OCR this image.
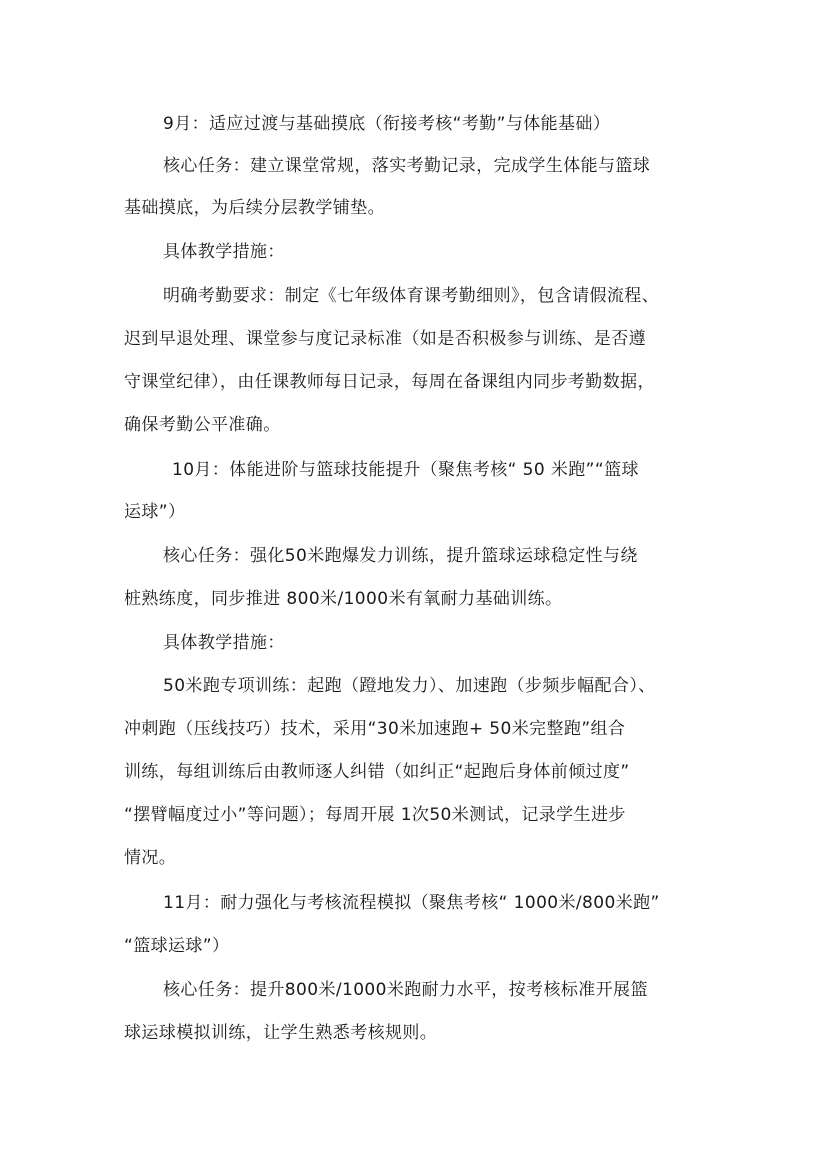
9月：适应过渡与基础摸底（衔接考核“考勤”与体能基础）
核心任务：建立课堂常规，落实考勤记录，完成学生体能与篮球
基础摸底，为后续分层教学铺垫。
具体教学措施：
明确考勤要求：制定《七年级体育课考勤细则》，包含请假流程、
迟到早退处理、课堂参与度记录标准（如是否积极参与训练、是否遵
守课堂纪律），由任课教师每日记录，每周在备课组内同步考勤数据，
确保考勤公平准确。
10月：体能进阶与篮球技能提升（聚焦考核“ 50 米跑”“篮球
运球”）
核心任务：强化50米跑爆发力训练，提升篮球运球稳定性与绕
桩熟练度，同步推进 800米/1000米有氧耐力基础训练。
具体教学措施：
50米跑专项训练：起跑（蹬地发力）、加速跑（步频步幅配合）、
冲刺跑（压线技巧）技术，采用“30米加速跑+ 50米完整跑”组合
训练，每组训练后由教师逐人纠错（如纠正“起跑后身体前倾过度”
“摆臂幅度过小”等问题）；每周开展 1次50米测试，记录学生进步
情况。
11月：耐力强化与考核流程模拟（聚焦考核“ 1000米/800米跑”
“篮球运球”）
核心任务：提升800米/1000米跑耐力水平，按考核标准开展篮
球运球模拟训练，让学生熟悉考核规则。
